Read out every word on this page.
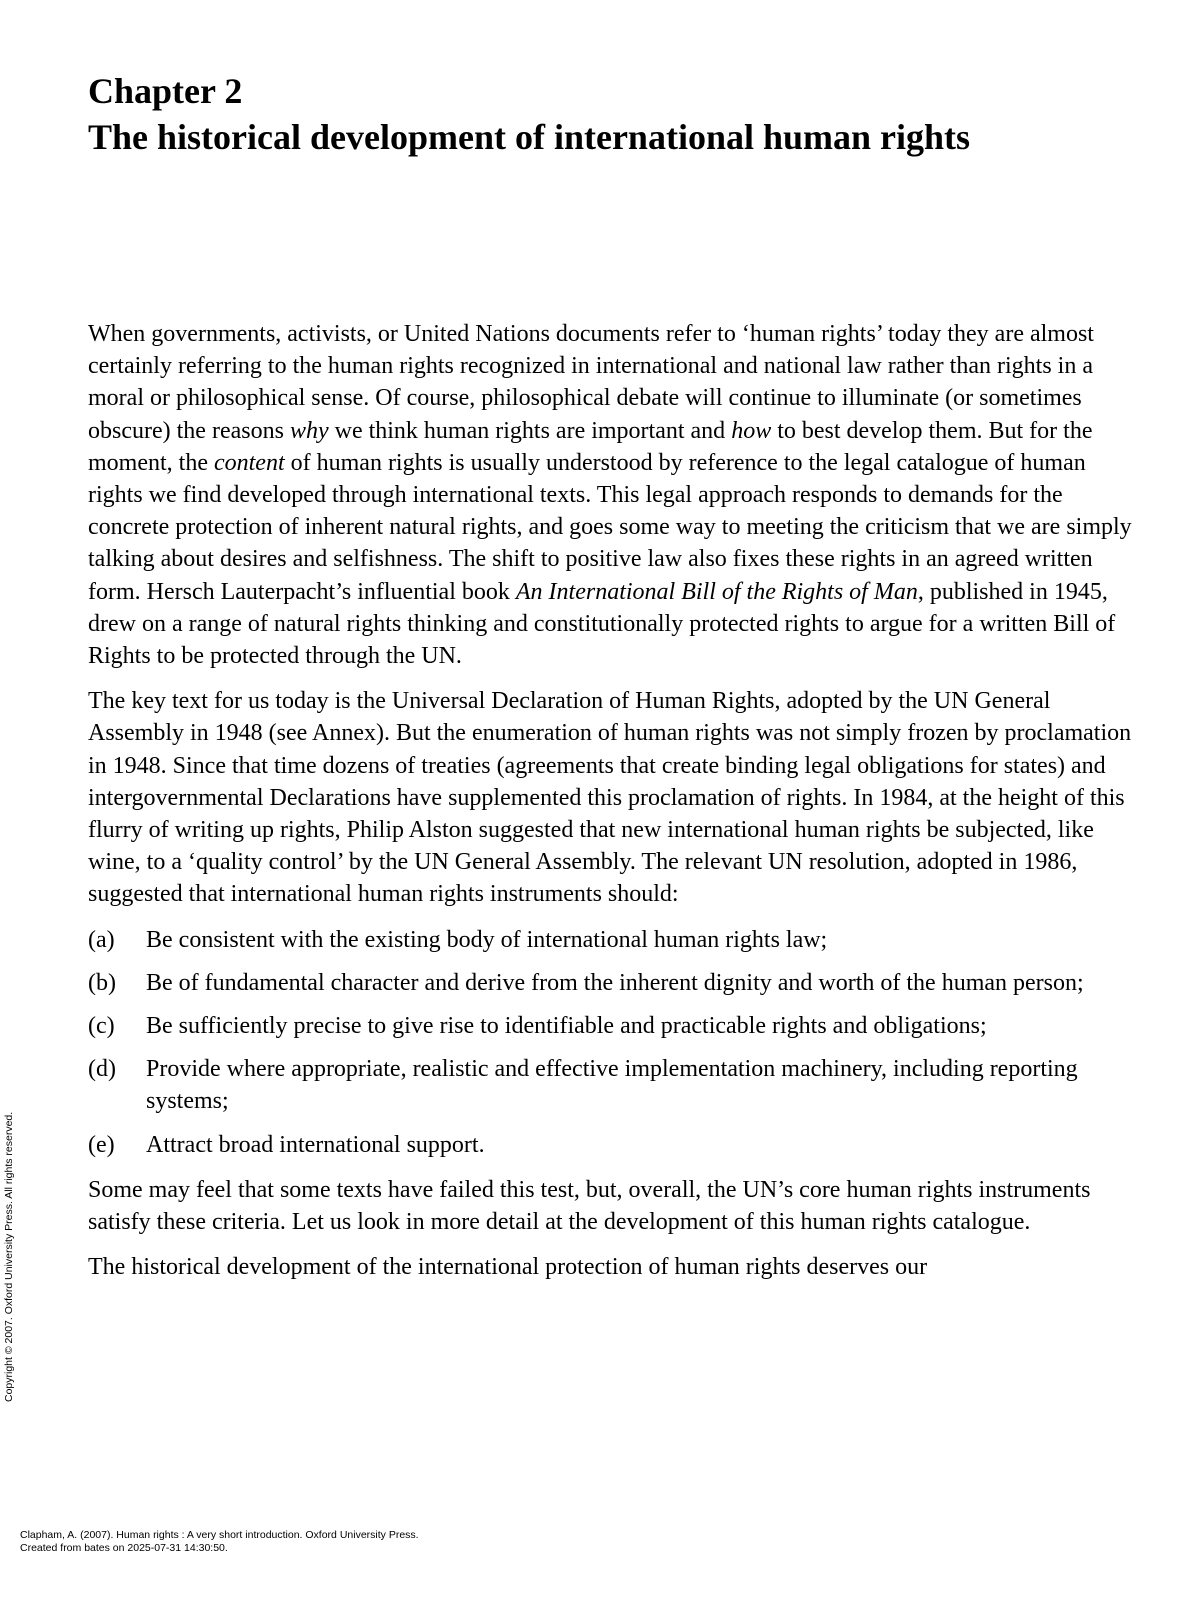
Chapter 2
The historical development of international human rights

When governments, activists, or United Nations documents refer to ‘human rights’ today they are almost certainly referring to the human rights recognized in international and national law rather than rights in a moral or philosophical sense. Of course, philosophical debate will continue to illuminate (or sometimes obscure) the reasons why we think human rights are important and how to best develop them. But for the moment, the content of human rights is usually understood by reference to the legal catalogue of human rights we find developed through international texts. This legal approach responds to demands for the concrete protection of inherent natural rights, and goes some way to meeting the criticism that we are simply talking about desires and selfishness. The shift to positive law also fixes these rights in an agreed written form. Hersch Lauterpacht’s influential book An International Bill of the Rights of Man, published in 1945, drew on a range of natural rights thinking and constitutionally protected rights to argue for a written Bill of Rights to be protected through the UN.

The key text for us today is the Universal Declaration of Human Rights, adopted by the UN General Assembly in 1948 (see Annex). But the enumeration of human rights was not simply frozen by proclamation in 1948. Since that time dozens of treaties (agreements that create binding legal obligations for states) and intergovernmental Declarations have supplemented this proclamation of rights. In 1984, at the height of this flurry of writing up rights, Philip Alston suggested that new international human rights be subjected, like wine, to a ‘quality control’ by the UN General Assembly. The relevant UN resolution, adopted in 1986, suggested that international human rights instruments should:

(a)	Be consistent with the existing body of international human rights law;
(b)	Be of fundamental character and derive from the inherent dignity and worth of the human person;
(c)	Be sufficiently precise to give rise to identifiable and practicable rights and obligations;
(d)	Provide where appropriate, realistic and effective implementation machinery, including reporting systems;
(e)	Attract broad international support.

Some may feel that some texts have failed this test, but, overall, the UN’s core human rights instruments satisfy these criteria. Let us look in more detail at the development of this human rights catalogue.

The historical development of the international protection of human rights deserves our

Copyright © 2007. Oxford University Press. All rights reserved.
Clapham, A. (2007). Human rights : A very short introduction. Oxford University Press.
Created from bates on 2025-07-31 14:30:50.
